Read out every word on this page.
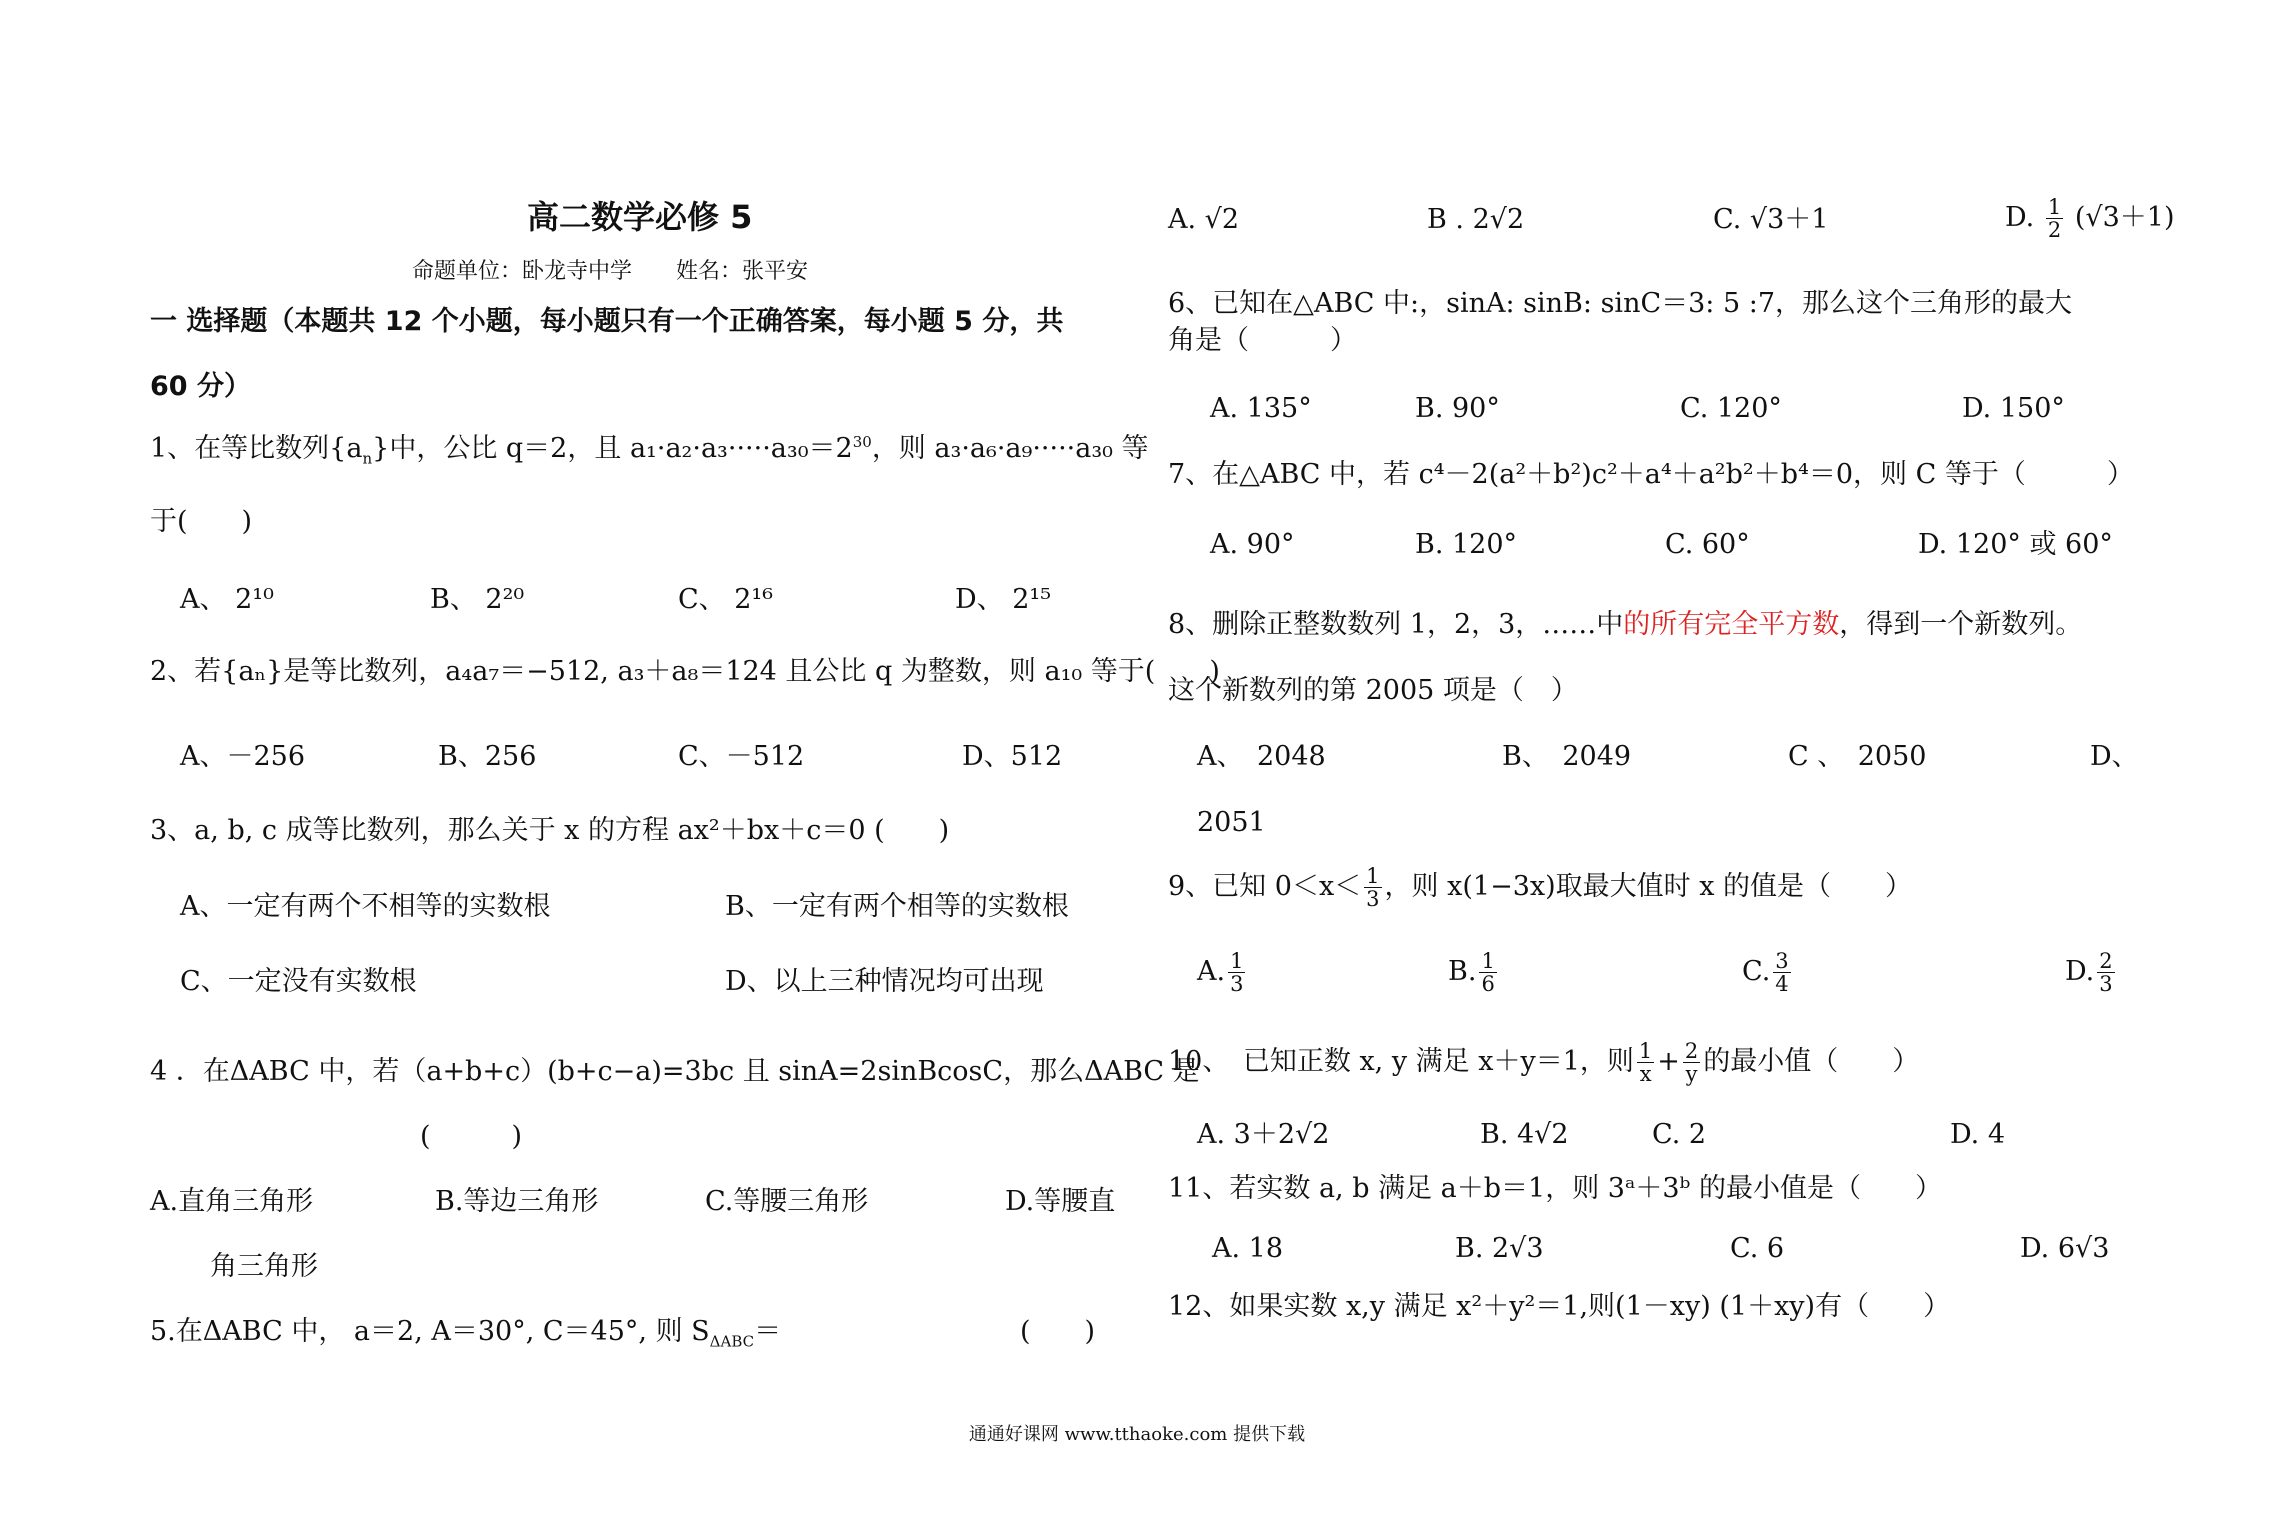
高二数学必修 5
命题单位：卧龙寺中学　　姓名：张平安
一 选择题（本题共 12 个小题，每小题只有一个正确答案，每小题 5 分，共
60 分）
1、在等比数列$\{a_n\}$中，公比 q＝2，且 $a_1\cdot a_2\cdot a_3\cdot\cdot\cdot\cdot\cdot a_{30}=2^{30}$，则 a₃·a₆·a₉·····a₃₀ 等
于(　　)
A、 2¹⁰	B、 2²⁰	C、 2¹⁶	D、 2¹⁵
2、若{aₙ}是等比数列，a₄a₇＝−512, a₃＋a₈＝124 且公比 q 为整数，则 a₁₀ 等于(　　)
A、－256	B、256	C、－512	D、512
3、a, b, c 成等比数列，那么关于 x 的方程 ax²＋bx＋c＝0 (　　)
A、一定有两个不相等的实数根	B、一定有两个相等的实数根
C、一定没有实数根	D、以上三种情况均可出现
4 ．在ΔABC 中，若（a+b+c）(b+c−a)=3bc 且 sinA=2sinBcosC，那么ΔABC 是
(　　　)
A.直角三角形	B.等边三角形	C.等腰三角形	D.等腰直
角三角形
5.在ΔABC 中， a＝2, A＝30°, C＝45°, 则 $S_{\Delta ABC}=$	(　　)
A. √2	B . 2√2	C. √3＋1	D. $\frac{1}{2} (√3+1)$
6、已知在△ABC 中:，sinA: sinB: sinC＝3: 5 :7，那么这个三角形的最大
角是（　　　）
A. 135°	B. 90°	C. 120°	D. 150°
7、在△ABC 中，若 c⁴－2(a²＋b²)c²＋a⁴＋a²b²＋b⁴＝0，则 C 等于（　　　）
A. 90°	B. 120°	C. 60°	D. 120° 或 60°
8、删除正整数数列 1，2，3，……中的所有完全平方数，得到一个新数列。
这个新数列的第 2005 项是（　）
A、　2048	B、　2049	C 、　2050	D、
2051
9、已知 $0<x< \frac{1}{3}$ ，则 x(1−3x)取最大值时 x 的值是（　　）
A. $\frac{1}{3}$	B. $\frac{1}{6}$	C. $\frac{3}{4}$	D. $\frac{2}{3}$
10、　已知正数 x, y 满足 x＋y＝1，则 $\frac{1}{x} + \frac{2}{y}$ 的最小值（　　）
A. 3＋2√2	B. 4√2	C. 2	D. 4
11、若实数 a, b 满足 a＋b＝1，则 3ᵃ＋3ᵇ 的最小值是（　　）
A. 18	B. 2√3	C. 6	D. 6√3
12、如果实数 x,y 满足 x²＋y²＝1,则(1－xy) (1＋xy)有（　　）
通通好课网 www.tthaoke.com 提供下载
